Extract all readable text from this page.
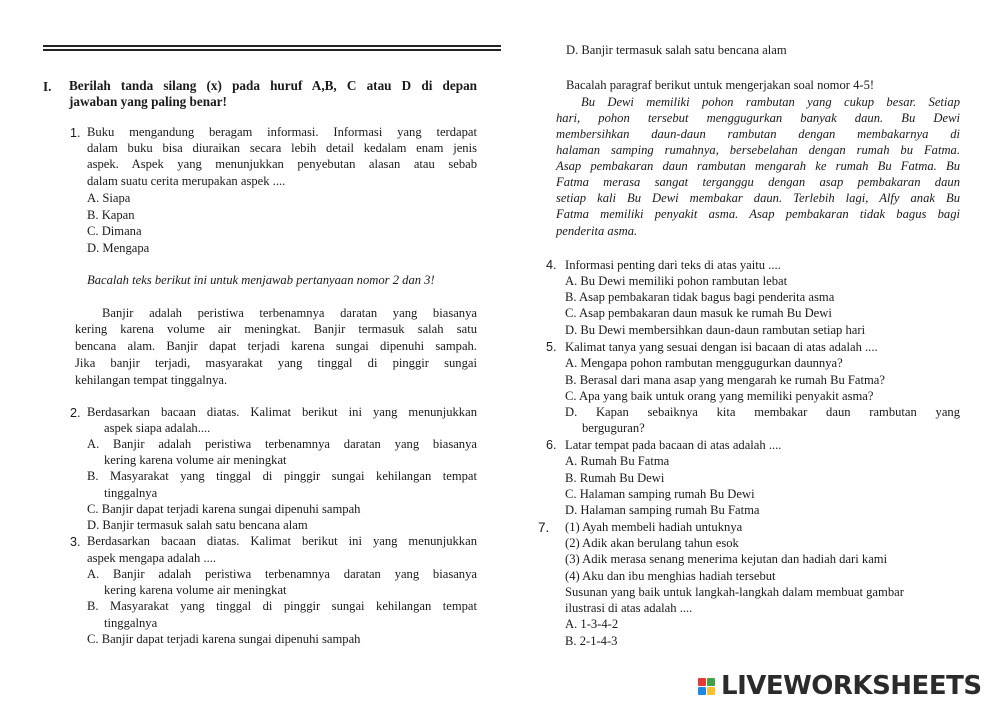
I. Berilah tanda silang (x) pada huruf A,B, C atau D di depan
jawaban yang paling benar!
1. Buku mengandung beragam informasi. Informasi yang terdapat
dalam buku bisa diuraikan secara lebih detail kedalam enam jenis
aspek. Aspek yang menunjukkan penyebutan alasan atau sebab
dalam suatu cerita merupakan aspek ....
A. Siapa
B. Kapan
C. Dimana
D. Mengapa
Bacalah teks berikut ini untuk menjawab pertanyaan nomor 2 dan 3!
Banjir adalah peristiwa terbenamnya daratan yang biasanya
kering karena volume air meningkat. Banjir termasuk salah satu
bencana alam. Banjir dapat terjadi karena sungai dipenuhi sampah.
Jika banjir terjadi, masyarakat yang tinggal di pinggir sungai
kehilangan tempat tinggalnya.
2. Berdasarkan bacaan diatas. Kalimat berikut ini yang menunjukkan
aspek siapa adalah....
A. Banjir adalah peristiwa terbenamnya daratan yang biasanya
kering karena volume air meningkat
B. Masyarakat yang tinggal di pinggir sungai kehilangan tempat
tinggalnya
C. Banjir dapat terjadi karena sungai dipenuhi sampah
D. Banjir termasuk salah satu bencana alam
3. Berdasarkan bacaan diatas. Kalimat berikut ini yang menunjukkan
aspek mengapa adalah ....
A. Banjir adalah peristiwa terbenamnya daratan yang biasanya
kering karena volume air meningkat
B. Masyarakat yang tinggal di pinggir sungai kehilangan tempat
tinggalnya
C. Banjir dapat terjadi karena sungai dipenuhi sampah
D. Banjir termasuk salah satu bencana alam
Bacalah paragraf berikut untuk mengerjakan soal nomor 4-5!
Bu Dewi memiliki pohon rambutan yang cukup besar. Setiap
hari, pohon tersebut menggugurkan banyak daun. Bu Dewi
membersihkan daun-daun rambutan dengan membakarnya di
halaman samping rumahnya, bersebelahan dengan rumah bu Fatma.
Asap pembakaran daun rambutan mengarah ke rumah Bu Fatma. Bu
Fatma merasa sangat terganggu dengan asap pembakaran daun
setiap kali Bu Dewi membakar daun. Terlebih lagi, Alfy anak Bu
Fatma memiliki penyakit asma. Asap pembakaran tidak bagus bagi
penderita asma.
4. Informasi penting dari teks di atas yaitu ....
A. Bu Dewi memiliki pohon rambutan lebat
B. Asap pembakaran tidak bagus bagi penderita asma
C. Asap pembakaran daun masuk ke rumah Bu Dewi
D. Bu Dewi membersihkan daun-daun rambutan setiap hari
5. Kalimat tanya yang sesuai dengan isi bacaan di atas adalah ....
A. Mengapa pohon rambutan menggugurkan daunnya?
B. Berasal dari mana asap yang mengarah ke rumah Bu Fatma?
C. Apa yang baik untuk orang yang memiliki penyakit asma?
D. Kapan sebaiknya kita membakar daun rambutan yang
berguguran?
6. Latar tempat pada bacaan di atas adalah ....
A. Rumah Bu Fatma
B. Rumah Bu Dewi
C. Halaman samping rumah Bu Dewi
D. Halaman samping rumah Bu Fatma
7. (1) Ayah membeli hadiah untuknya
(2) Adik akan berulang tahun esok
(3) Adik merasa senang menerima kejutan dan hadiah dari kami
(4) Aku dan ibu menghias hadiah tersebut
Susunan yang baik untuk langkah-langkah dalam membuat gambar
ilustrasi di atas adalah ....
A. 1-3-4-2
B. 2-1-4-3
LIVEWORKSHEETS
